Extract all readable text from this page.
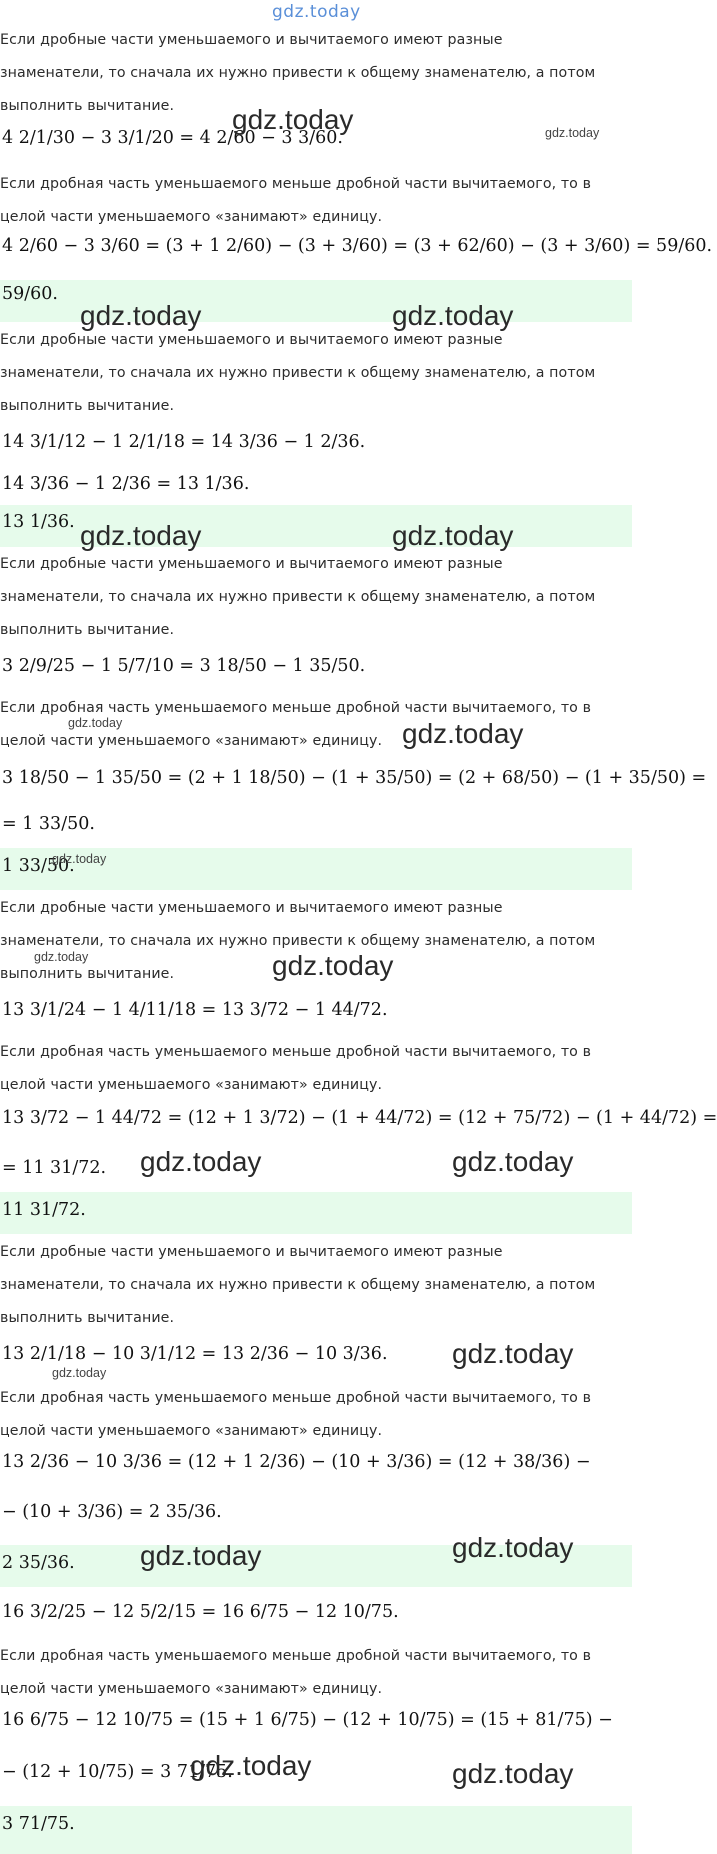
gdz.today
Если дробные части уменьшаемого и вычитаемого имеют разные
знаменатели, то сначала их нужно привести к общему знаменателю, а потом
выполнить вычитание.
4 2/1/30 − 3 3/1/20 = 4 2/60 − 3 3/60.
gdz.today	gdz.today
Если дробная часть уменьшаемого меньше дробной части вычитаемого, то в
целой части уменьшаемого «занимают» единицу.
4 2/60 − 3 3/60 = (3 + 1 2/60) − (3 + 3/60) = (3 + 62/60) − (3 + 3/60) = 59/60.
59/60.
gdz.today	gdz.today
Если дробные части уменьшаемого и вычитаемого имеют разные
знаменатели, то сначала их нужно привести к общему знаменателю, а потом
выполнить вычитание.
14 3/1/12 − 1 2/1/18 = 14 3/36 − 1 2/36.
14 3/36 − 1 2/36 = 13 1/36.
13 1/36. gdz.today	gdz.today
Если дробные части уменьшаемого и вычитаемого имеют разные
знаменатели, то сначала их нужно привести к общему знаменателю, а потом
выполнить вычитание.
3 2/9/25 − 1 5/7/10 = 3 18/50 − 1 35/50.
Если дробная часть уменьшаемого меньше дробной части вычитаемого, то в
целой части уменьшаемого «занимают» единицу.
gdz.today	gdz.today
3 18/50 − 1 35/50 = (2 + 1 18/50) − (1 + 35/50) = (2 + 68/50) − (1 + 35/50) =
= 1 33/50.
1 33/50.
gdz.today
Если дробные части уменьшаемого и вычитаемого имеют разные
знаменатели, то сначала их нужно привести к общему знаменателю, а потом
выполнить вычитание.
gdz.today	gdz.today
13 3/1/24 − 1 4/11/18 = 13 3/72 − 1 44/72.
Если дробная часть уменьшаемого меньше дробной части вычитаемого, то в
целой части уменьшаемого «занимают» единицу.
13 3/72 − 1 44/72 = (12 + 1 3/72) − (1 + 44/72) = (12 + 75/72) − (1 + 44/72) =
= 11 31/72. gdz.today	gdz.today
11 31/72.
Если дробные части уменьшаемого и вычитаемого имеют разные
знаменатели, то сначала их нужно привести к общему знаменателю, а потом
выполнить вычитание.
13 2/1/18 − 10 3/1/12 = 13 2/36 − 10 3/36. gdz.today
gdz.today
Если дробная часть уменьшаемого меньше дробной части вычитаемого, то в
целой части уменьшаемого «занимают» единицу.
13 2/36 − 10 3/36 = (12 + 1 2/36) − (10 + 3/36) = (12 + 38/36) −
− (10 + 3/36) = 2 35/36.
gdz.today	gdz.today
2 35/36.
16 3/2/25 − 12 5/2/15 = 16 6/75 − 12 10/75.
Если дробная часть уменьшаемого меньше дробной части вычитаемого, то в
целой части уменьшаемого «занимают» единицу.
16 6/75 − 12 10/75 = (15 + 1 6/75) − (12 + 10/75) = (15 + 81/75) −
− (12 + 10/75) = 3 71/75.
gdz.today	gdz.today
3 71/75.
